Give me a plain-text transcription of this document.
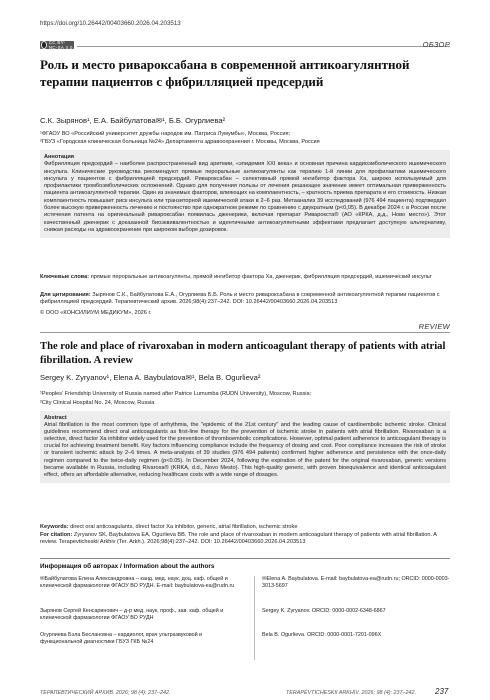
https://doi.org/10.26442/00403660.2026.04.203513
CC BY-NC-SA 4.0	ОБЗОР
Роль и место ривароксабана в современной антикоагулянтной терапии пациентов с фибрилляцией предсердий
С.К. Зырянов¹, Е.А. Байбулатова✉¹, Б.Б. Огурлиева²
¹ФГАОУ ВО «Российский университет дружбы народов им. Патриса Лумумбы», Москва, Россия;
²ГБУЗ «Городская клиническая больница №24» Департамента здравоохранения г. Москвы, Москва, Россия
Аннотация
Фибрилляция предсердий – наиболее распространенный вид аритмии, «эпидемия XXI века» и основная причина кардиоэмболического ишемического инсульта. Клинические руководства рекомендуют прямые пероральные антикоагулянты как терапию 1-й линии для профилактики ишемического инсульта у пациентов с фибрилляцией предсердий. Ривароксабан – селективный прямой ингибитор фактора Xa, широко используемый для профилактики тромбоэмболических осложнений. Однако для получения пользы от лечения решающее значение имеет оптимальная приверженность пациента антикоагулянтной терапии. Один из значимых факторов, влияющих на комплаентность, – кратность приема препарата и его стоимость. Низкая комплаентность повышает риск инсульта или транзиторной ишемической атаки в 2–6 раз. Метаанализ 39 исследований (976 494 пациента) подтвердил более высокую приверженность лечению и постоянство при однократном режиме по сравнению с двукратным (p<0,05). В декабре 2024 г. в России после истечения патента на оригинальный ривароксабан появилась дженерики, включая препарат Риварокста® (АО «КРКА, д.д., Ново место»). Этот качественный дженерик с доказанной биоэквивалентностью и идентичными антикоагулянтными эффектами предлагает доступную альтернативу, снижая расходы на здравоохранение при широком выборе дозировок.
Ключевые слова: прямые пероральные антикоагулянты, прямой ингибитор фактора Xa, дженерик, фибрилляция предсердий, ишемический инсульт
Для цитирования: Зырянов С.К., Байбулатова Е.А., Огурлиева Б.Б. Роль и место ривароксабана в современной антикоагулянтной терапии пациентов с фибрилляцией предсердий. Терапевтический архив. 2026;98(4):237–242. DOI: 10.26442/00403660.2026.04.203513
© ООО «КОНСИЛИУМ МЕДИКУМ», 2026 г.
REVIEW
The role and place of rivaroxaban in modern anticoagulant therapy of patients with atrial fibrillation. A review
Sergey K. Zyryanov¹, Elena A. Baybulatova✉¹, Bela B. Ogurlieva²
¹Peoples' Friendship University of Russia named after Patrice Lumumba (RUDN University), Moscow, Russia;
²City Clinical Hospital No. 24, Moscow, Russia
Abstract
Atrial fibrillation is the most common type of arrhythmia, the "epidemic of the 21st century" and the leading cause of cardioembolic ischemic stroke. Clinical guidelines recommend direct oral anticoagulants as first-line therapy for the prevention of ischemic stroke in patients with atrial fibrillation. Rivaroxaban is a selective, direct factor Xa inhibitor widely used for the prevention of thromboembolic complications. However, optimal patient adherence to anticoagulant therapy is crucial for achieving treatment benefit. Key factors influencing compliance include the frequency of dosing and cost. Poor compliance increases the risk of stroke or transient ischemic attack by 2–6 times. A meta-analysis of 39 studies (976 494 patients) confirmed higher adherence and persistence with the once-daily regimen compared to the twice-daily regimen (p<0.05). In December 2024, following the expiration of the patent for the original rivaroxaban, generic versions became available in Russia, including Rivaroxa® (KRKA, d.d., Novo Mesto). This high-quality generic, with proven bioequivalence and identical anticoagulant effect, offers an affordable alternative, reducing healthcare costs with a wide range of dosages.
Keywords: direct oral anticoagulants, direct factor Xa inhibitor, generic, atrial fibrillation, ischemic stroke
For citation: Zyryanov SK, Baybulatova EA, Ogurlieva BB. The role and place of rivaroxaban in modern anticoagulant therapy of patients with atrial fibrillation. A review. Terapevticheskii Arkhiv (Ter. Arkh.). 2026;98(4):237–242. DOI: 10.26442/00403660.2026.04.203513
Информация об авторах / Information about the authors
✉Байбулатова Елена Александровна – канд. мед. наук, доц. каф. общей и клинической фармакологии ФГАОУ ВО РУДН. E-mail: baybulatova-ea@rudn.ru
Зырянов Сергей Кенсаринович – д-р мед. наук, проф., зав. каф. общей и клинической фармакологии ФГАОУ ВО РУДН
Огурлиева Бэла Беслановна – кардиолог, врач ультразвуковой и функциональной диагностики ГБУЗ ГКБ №24
✉Elena A. Baybulatova. E-mail: baybulatova-ea@rudn.ru; ORCID: 0000-0003-3013-5697
Sergey K. Zyryanov. ORCID: 0000-0002-6348-6867
Bela B. Ogurlieva. ORCID: 0000-0001-7201-096X
ТЕРАПЕВТИЧЕСКИЙ АРХИВ. 2026; 98 (4): 237–242.	TERAPEVTICHESKII ARKHIV. 2026; 98 (4): 237–242. 237
